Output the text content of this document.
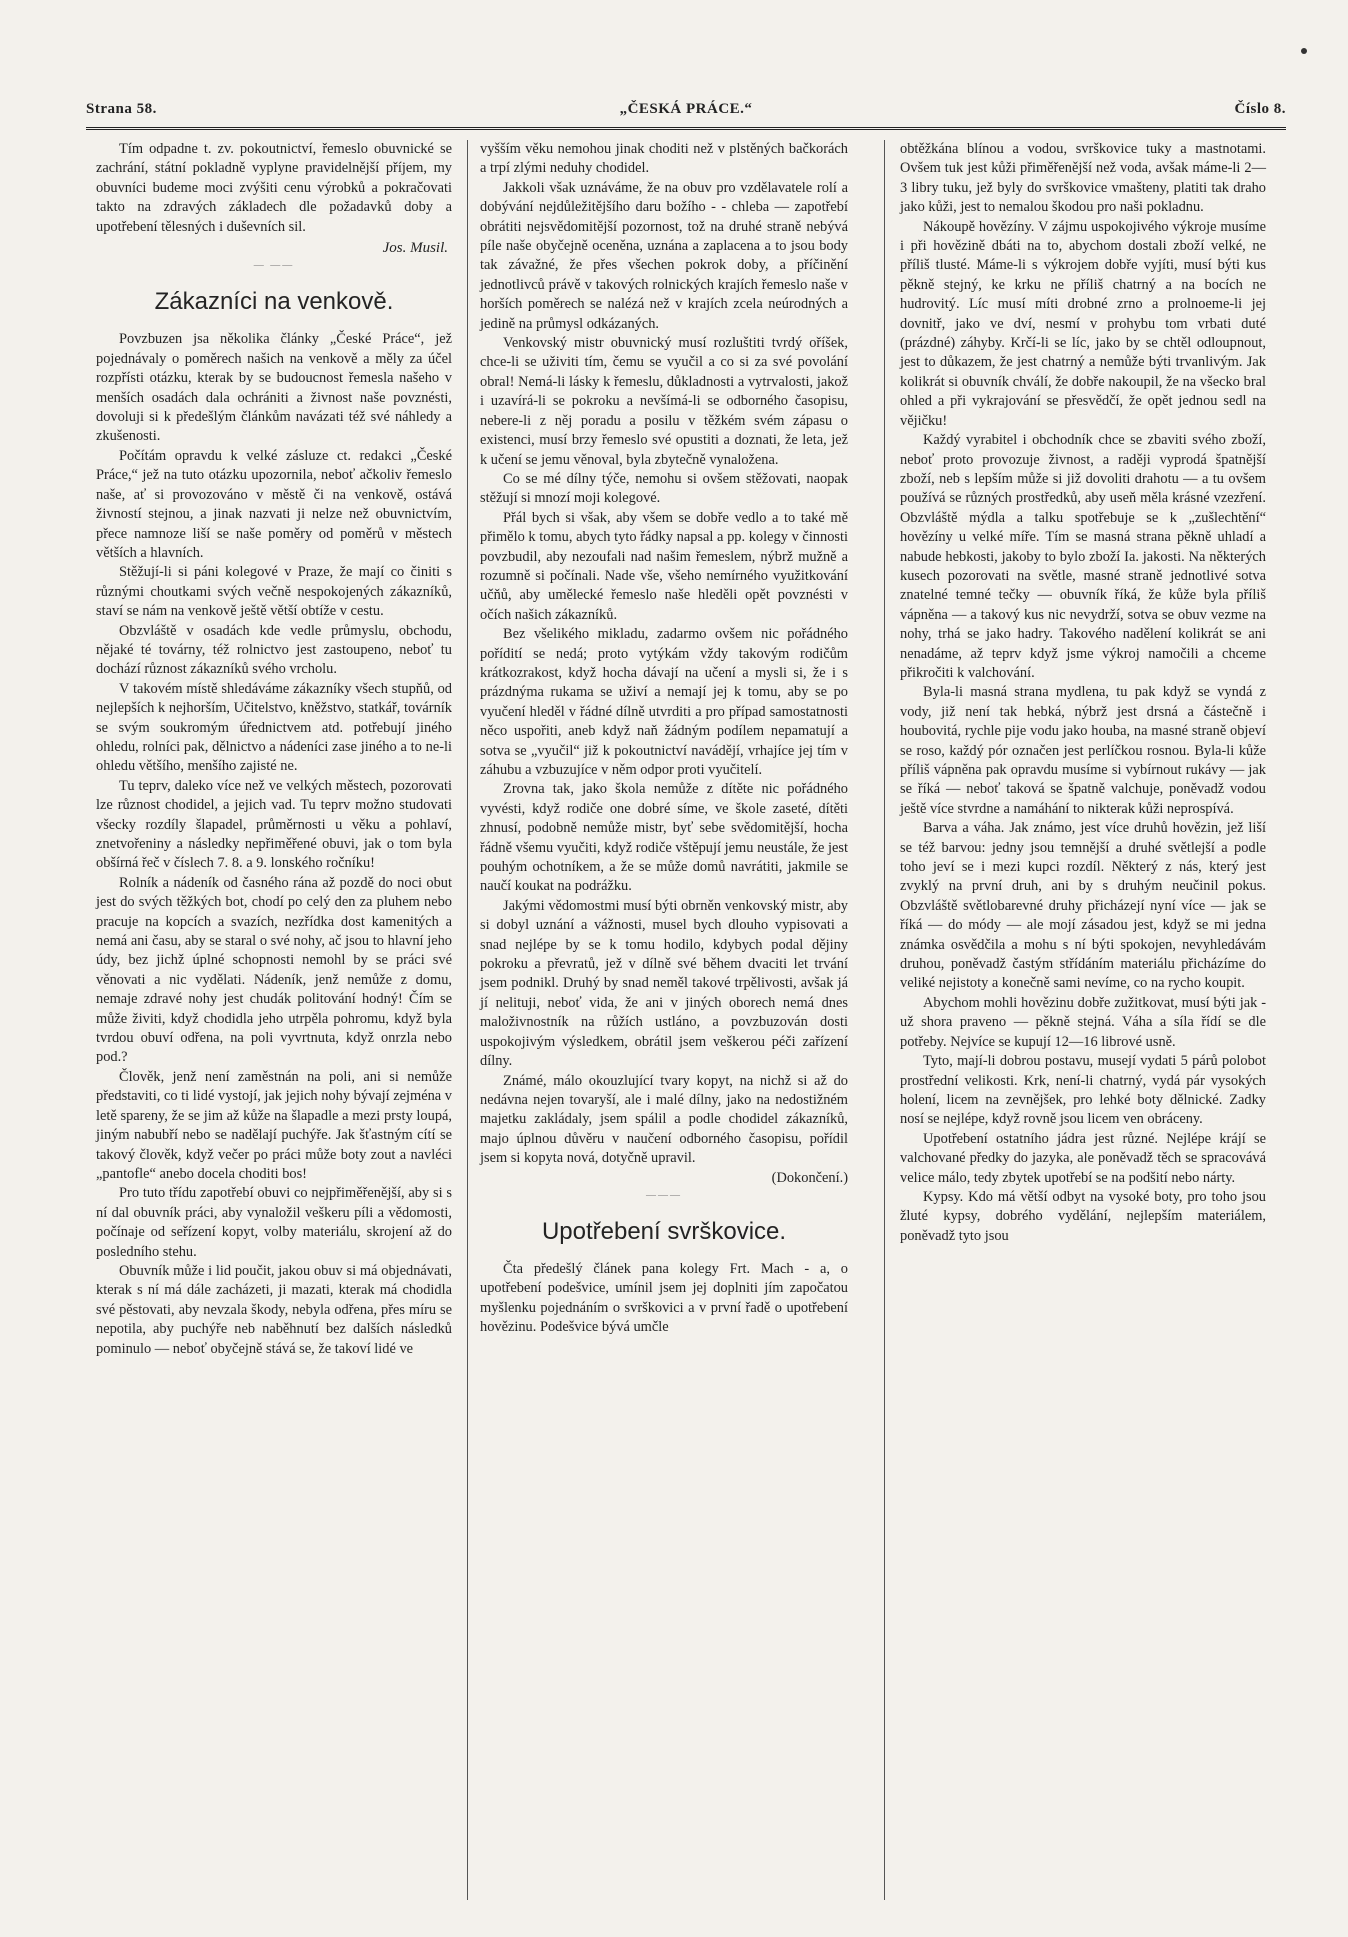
Strana 58.	„ČESKÁ PRÁCE.“	Číslo 8.

Tím odpadne t. zv. pokoutnictví, řemeslo obuvnické se zachrání, státní pokladně vyplyne pravidelnější příjem, my obuvníci budeme moci zvýšiti cenu výrobků a pokračovati takto na zdravých základech dle požadavků doby a upotřebení tělesných i duševních sil.

Jos. Musil.
— ——
Zákazníci na venkově.

Povzbuzen jsa několika články „České Práce“, jež pojednávaly o poměrech našich na venkově a měly za účel rozpřísti otázku, kterak by se budoucnost řemesla našeho v menších osadách dala ochrániti a živnost naše povznésti, dovoluji si k předešlým článkům navázati též své náhledy a zkušenosti.

Počítám opravdu k velké zásluze ct. redakci „České Práce,“ jež na tuto otázku upozornila, neboť ačkoliv řemeslo naše, ať si provozováno v městě či na venkově, ostává živností stejnou, a jinak nazvati ji nelze než obuvnictvím, přece namnoze liší se naše poměry od poměrů v městech větších a hlavních.

Stěžují-li si páni kolegové v Praze, že mají co činiti s různými choutkami svých večně nespokojených zákazníků, staví se nám na venkově ještě větší obtíže v cestu.

Obzvláště v osadách kde vedle průmyslu, obchodu, nějaké té továrny, též rolnictvo jest zastoupeno, neboť tu dochází různost zákazníků svého vrcholu.

V takovém místě shledáváme zákazníky všech stupňů, od nejlepších k nejhorším, Učitelstvo, kněžstvo, statkář, továrník se svým soukromým úřednictvem atd. potřebují jiného ohledu, rolníci pak, dělnictvo a nádeníci zase jiného a to ne-li ohledu většího, menšího zajisté ne.

Tu teprv, daleko více než ve velkých městech, pozorovati lze různost chodidel, a jejich vad. Tu teprv možno studovati všecky rozdíly šlapadel, průměrnosti u věku a pohlaví, znetvořeniny a následky nepřiměřené obuvi, jak o tom byla obšírná řeč v číslech 7. 8. a 9. lonského ročníku!

Rolník a nádeník od časného rána až pozdě do noci obut jest do svých těžkých bot, chodí po celý den za pluhem nebo pracuje na kopcích a svazích, nezřídka dost kamenitých a nemá ani času, aby se staral o své nohy, ač jsou to hlavní jeho údy, bez jichž úplné schopnosti nemohl by se práci své věnovati a nic vydělati. Nádeník, jenž nemůže z domu, nemaje zdravé nohy jest chudák politování hodný! Čím se může živiti, když chodidla jeho utrpěla pohromu, když byla tvrdou obuví odřena, na poli vyvrtnuta, když onrzla nebo pod.?

Člověk, jenž není zaměstnán na poli, ani si nemůže představiti, co ti lidé vystojí, jak jejich nohy bývají zejména v letě spareny, že se jim až kůže na šlapadle a mezi prsty loupá, jiným nabubří nebo se nadělají puchýře. Jak šťastným cítí se takový člověk, když večer po práci může boty zout a navléci „pantofle“ anebo docela choditi bos!

Pro tuto třídu zapotřebí obuvi co nejpřiměřenější, aby si s ní dal obuvník práci, aby vynaložil veškeru píli a vědomosti, počínaje od seřízení kopyt, volby materiálu, skrojení až do posledního stehu.

Obuvník může i lid poučit, jakou obuv si má objednávati, kterak s ní má dále zacházeti, ji mazati, kterak má chodidla své pěstovati, aby nevzala škody, nebyla odřena, přes míru se nepotila, aby puchýře neb naběhnutí bez dalších následků pominulo — neboť obyčejně stává se, že takoví lidé ve

vyšším věku nemohou jinak choditi než v plstěných bačkorách a trpí zlými neduhy chodidel.

Jakkoli však uznáváme, že na obuv pro vzdělavatele rolí a dobývání nejdůležitějšího daru božího - - chleba — zapotřebí obrátiti nejsvědomitější pozornost, tož na druhé straně nebývá píle naše obyčejně oceněna, uznána a zaplacena a to jsou body tak závažné, že přes všechen pokrok doby, a příčinění jednotlivců právě v takových rolnických krajích řemeslo naše v horších poměrech se nalézá než v krajích zcela neúrodných a jedině na průmysl odkázaných.

Venkovský mistr obuvnický musí rozluštiti tvrdý oříšek, chce-li se uživiti tím, čemu se vyučil a co si za své povolání obral! Nemá-li lásky k řemeslu, důkladnosti a vytrvalosti, jakož i uzavírá-li se pokroku a nevšímá-li se odborného časopisu, nebere-li z něj poradu a posilu v těžkém svém zápasu o existenci, musí brzy řemeslo své opustiti a doznati, že leta, jež k učení se jemu věnoval, byla zbytečně vynaložena.

Co se mé dílny týče, nemohu si ovšem stěžovati, naopak stěžují si mnozí moji kolegové.

Přál bych si však, aby všem se dobře vedlo a to také mě přimělo k tomu, abych tyto řádky napsal a pp. kolegy v činnosti povzbudil, aby nezoufali nad našim řemeslem, nýbrž mužně a rozumně si počínali. Nade vše, všeho nemírného využitkování učňů, aby umělecké řemeslo naše hleděli opět povznésti v očích našich zákazníků.

Bez všelikého mikladu, zadarmo ovšem nic pořádného pořídití se nedá; proto vytýkám vždy takovým rodičům krátkozrakost, když hocha dávají na učení a mysli si, že i s prázdnýma rukama se uživí a nemají jej k tomu, aby se po vyučení hleděl v řádné dílně utvrditi a pro případ samostatnosti něco uspořiti, aneb když naň žádným podílem nepamatují a sotva se „vyučil“ již k pokoutnictví navádějí, vrhajíce jej tím v záhubu a vzbuzujíce v něm odpor proti vyučitelí.

Zrovna tak, jako škola nemůže z dítěte nic pořádného vyvésti, když rodiče one dobré síme, ve škole zaseté, dítěti zhnusí, podobně nemůže mistr, byť sebe svědomitější, hocha řádně všemu vyučiti, když rodiče vštěpují jemu neustále, že jest pouhým ochotníkem, a že se může domů navrátiti, jakmile se naučí koukat na podrážku.

Jakými vědomostmi musí býti obrněn venkovský mistr, aby si dobyl uznání a vážnosti, musel bych dlouho vypisovati a snad nejlépe by se k tomu hodilo, kdybych podal dějiny pokroku a převratů, jež v dílně své během dvaciti let trvání jsem podnikl. Druhý by snad neměl takové trpělivosti, avšak já jí nelituji, neboť vida, že ani v jiných oborech nemá dnes maloživnostník na růžích ustláno, a povzbuzován dosti uspokojivým výsledkem, obrátil jsem veškerou péči zařízení dílny.

Známé, málo okouzlující tvary kopyt, na nichž si až do nedávna nejen tovaryší, ale i malé dílny, jako na nedostižném majetku zakládaly, jsem spálil a podle chodidel zákazníků, majo úplnou důvěru v naučení odborného časopisu, pořídil jsem si kopyta nová, dotyčně upravil.

(Dokončení.)

———
Upotřebení svrškovice.

Čta předešlý článek pana kolegy Frt. Mach - a, o upotřebení podešvice, umínil jsem jej doplniti jím započatou myšlenku pojednáním o svrškovici a v první řadě o upotřebení hovězinu. Podešvice bývá umčle

obtěžkána blínou a vodou, svrškovice tuky a mastnotami. Ovšem tuk jest kůži přiměřenější než voda, avšak máme-li 2—3 libry tuku, jež byly do svrškovice vmašteny, platiti tak draho jako kůži, jest to nemalou škodou pro naši pokladnu.

Nákoupě hovězíny. V zájmu uspokojivého výkroje musíme i při hovězině dbáti na to, abychom dostali zboží velké, ne příliš tlusté. Máme-li s výkrojem dobře vyjíti, musí býti kus pěkně stejný, ke krku ne příliš chatrný a na bocích ne hudrovitý. Líc musí míti drobné zrno a prolnoeme-li jej dovnitř, jako ve dví, nesmí v prohybu tom vrbati duté (prázdné) záhyby. Krčí-li se líc, jako by se chtěl odloupnout, jest to důkazem, že jest chatrný a nemůže býti trvanlivým. Jak kolikrát si obuvník chválí, že dobře nakoupil, že na všecko bral ohled a při vykrajování se přesvědčí, že opět jednou sedl na vějičku!

Každý vyrabitel i obchodník chce se zbaviti svého zboží, neboť proto provozuje živnost, a raději vyprodá špatnější zboží, neb s lepším může si již dovoliti drahotu — a tu ovšem používá se různých prostředků, aby useň měla krásné vzezření. Obzvláště mýdla a talku spotřebuje se k „zušlechtění“ hovězíny u velké míře. Tím se masná strana pěkně uhladí a nabude hebkosti, jakoby to bylo zboží Ia. jakosti. Na některých kusech pozorovati na světle, masné straně jednotlivé sotva znatelné temné tečky — obuvník říká, že kůže byla příliš vápněna — a takový kus nic nevydrží, sotva se obuv vezme na nohy, trhá se jako hadry. Takového nadělení kolikrát se ani nenadáme, až teprv když jsme výkroj namočili a chceme přikročiti k valchování.

Byla-li masná strana mydlena, tu pak když se vyndá z vody, již není tak hebká, nýbrž jest drsná a částečně i houbovitá, rychle pije vodu jako houba, na masné straně objeví se roso, každý pór označen jest perlíčkou rosnou. Byla-li kůže příliš vápněna pak opravdu musíme si vybírnout rukávy — jak se říká — neboť taková se špatně valchuje, poněvadž vodou ještě více stvrdne a namáhání to nikterak kůži neprospívá.

Barva a váha. Jak známo, jest více druhů hovězin, jež liší se též barvou: jedny jsou temnější a druhé světlejší a podle toho jeví se i mezi kupci rozdíl. Některý z nás, který jest zvyklý na první druh, ani by s druhým neučinil pokus. Obzvláště světlobarevné druhy přicházejí nyní více — jak se říká — do módy — ale mojí zásadou jest, když se mi jedna známka osvědčila a mohu s ní býti spokojen, nevyhledávám druhou, poněvadž častým střídáním materiálu přicházíme do veliké nejistoty a konečně sami nevíme, co na rycho koupit.

Abychom mohli hovězinu dobře zužitkovat, musí býti jak -už shora praveno — pěkně stejná. Váha a síla řídí se dle potřeby. Nejvíce se kupují 12—16 librové usně.

Tyto, mají-li dobrou postavu, musejí vydati 5 párů polobot prostřední velikosti. Krk, není-li chatrný, vydá pár vysokých holení, licem na zevnějšek, pro lehké boty dělnické. Zadky nosí se nejlépe, když rovně jsou licem ven obráceny.

Upotřebení ostatního jádra jest různé. Nejlépe krájí se valchované předky do jazyka, ale poněvadž těch se spracovává velice málo, tedy zbytek upotřebí se na podšití nebo nárty.

Kypsy. Kdo má větší odbyt na vysoké boty, pro toho jsou žluté kypsy, dobrého vydělání, nejlepším materiálem, poněvadž tyto jsou
